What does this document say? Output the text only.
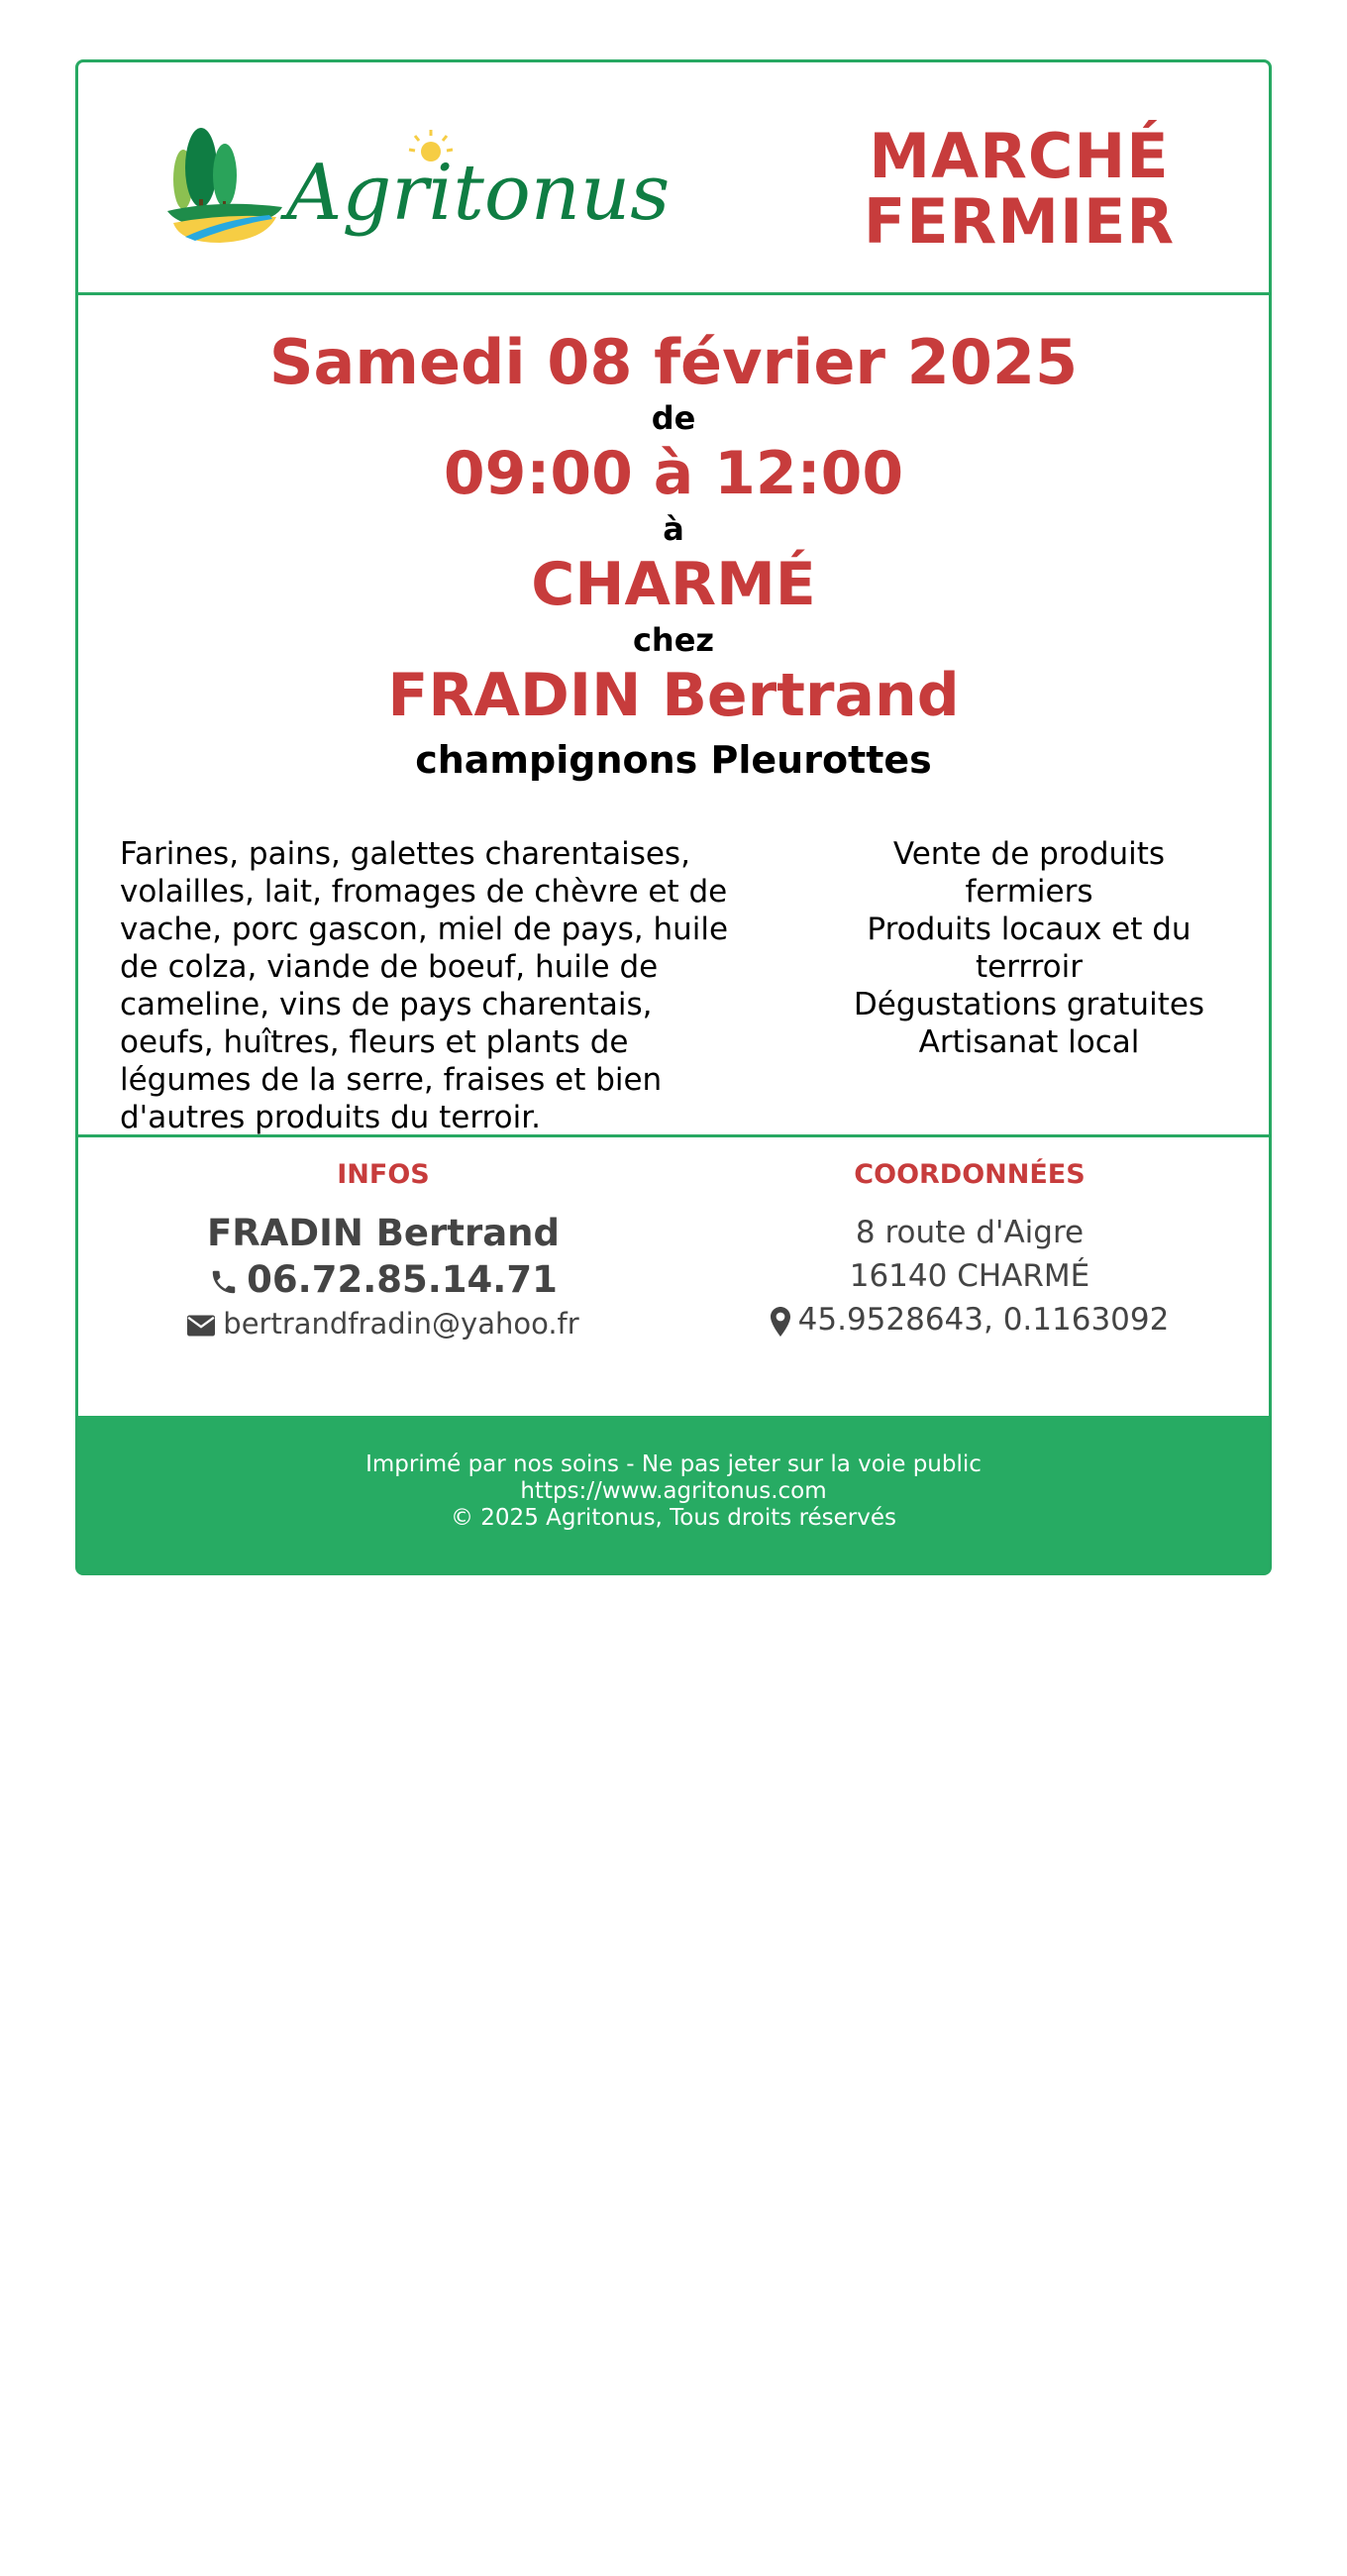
Agritonus	MARCHÉ
FERMIER
Samedi 08 février 2025
de
09:00 à 12:00
à
CHARMÉ
chez
FRADIN Bertrand
champignons Pleurottes
Farines, pains, galettes charentaises, volailles, lait, fromages de chèvre et de vache, porc gascon, miel de pays, huile de colza, viande de boeuf, huile de cameline, vins de pays charentais, oeufs, huîtres, fleurs et plants de légumes de la serre, fraises et bien d'autres produits du terroir.
Vente de produits fermiers
Produits locaux et du terrroir
Dégustations gratuites
Artisanat local
INFOS
FRADIN Bertrand
06.72.85.14.71
bertrandfradin@yahoo.fr
COORDONNÉES
8 route d'Aigre
16140 CHARMÉ
45.9528643, 0.1163092
Imprimé par nos soins - Ne pas jeter sur la voie public
https://www.agritonus.com
© 2025 Agritonus, Tous droits réservés
